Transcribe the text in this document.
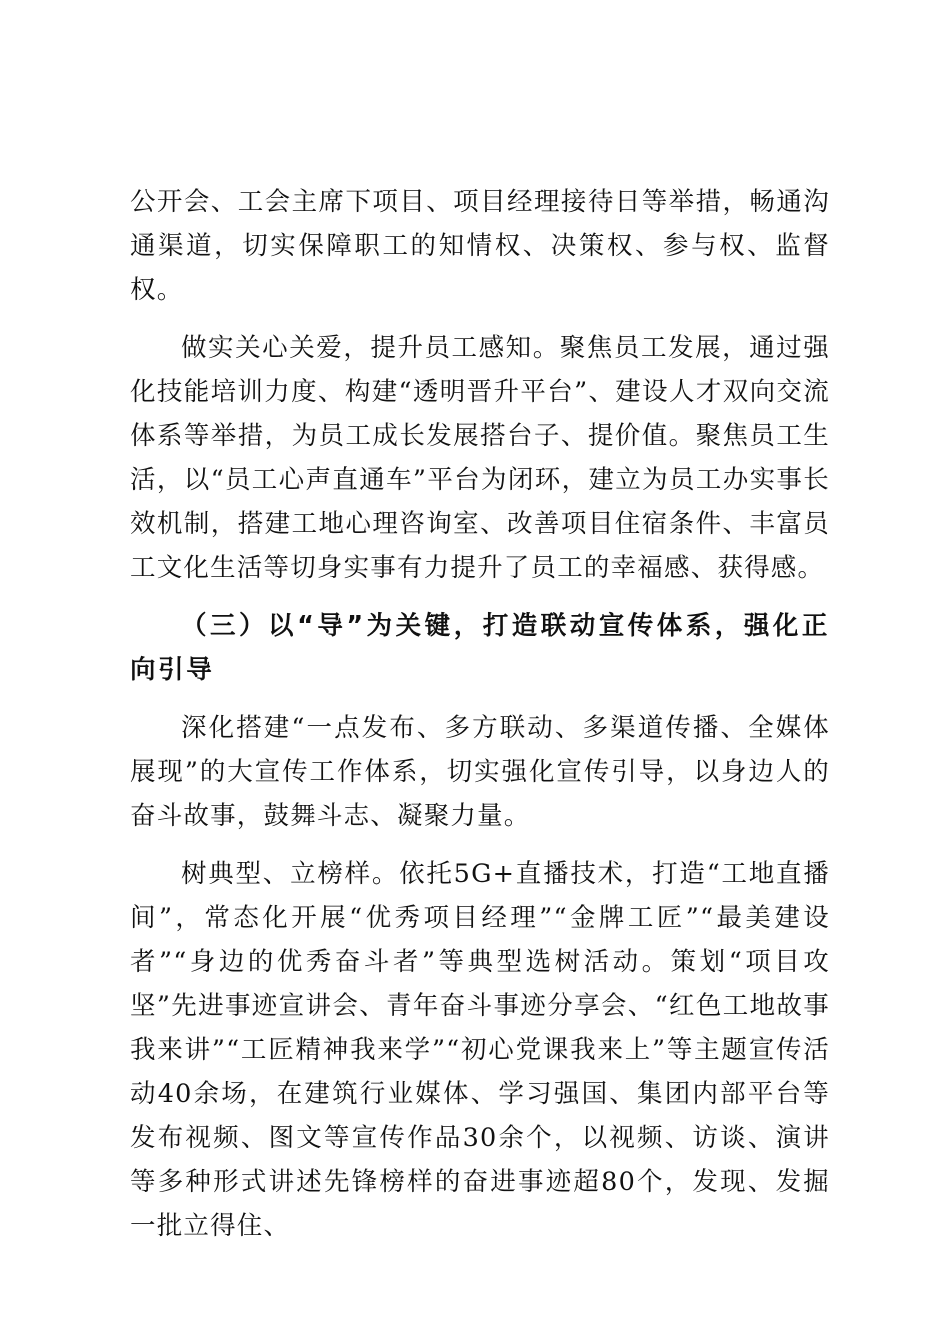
公开会、工会主席下项目、项目经理接待日等举措，畅通沟通渠道，切实保障职工的知情权、决策权、参与权、监督权。

做实关心关爱，提升员工感知。聚焦员工发展，通过强化技能培训力度、构建“透明晋升平台”、建设人才双向交流体系等举措，为员工成长发展搭台子、提价值。聚焦员工生活，以“员工心声直通车”平台为闭环，建立为员工办实事长效机制，搭建工地心理咨询室、改善项目住宿条件、丰富员工文化生活等切身实事有力提升了员工的幸福感、获得感。

（三）以“导”为关键，打造联动宣传体系，强化正向引导

深化搭建“一点发布、多方联动、多渠道传播、全媒体展现”的大宣传工作体系，切实强化宣传引导，以身边人的奋斗故事，鼓舞斗志、凝聚力量。

树典型、立榜样。依托5G+直播技术，打造“工地直播间”，常态化开展“优秀项目经理”“金牌工匠”“最美建设者”“身边的优秀奋斗者”等典型选树活动。策划“项目攻坚”先进事迹宣讲会、青年奋斗事迹分享会、“红色工地故事我来讲”“工匠精神我来学”“初心党课我来上”等主题宣传活动40余场，在建筑行业媒体、学习强国、集团内部平台等发布视频、图文等宣传作品30余个，以视频、访谈、演讲等多种形式讲述先锋榜样的奋进事迹超80个，发现、发掘一批立得住、
